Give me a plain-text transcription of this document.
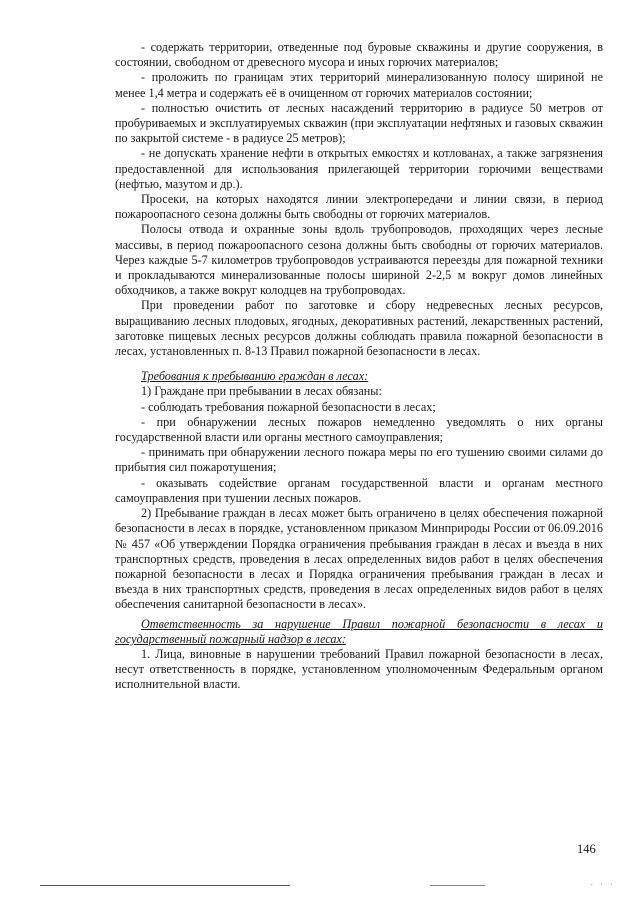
- содержать территории, отведенные под буровые скважины и другие сооружения, в состоянии, свободном от древесного мусора и иных горючих материалов;

- проложить по границам этих территорий минерализованную полосу шириной не менее 1,4 метра и содержать её в очищенном от горючих материалов состоянии;

- полностью очистить от лесных насаждений территорию в радиусе 50 метров от пробуриваемых и эксплуатируемых скважин (при эксплуатации нефтяных и газовых скважин по закрытой системе - в радиусе 25 метров);

- не допускать хранение нефти в открытых емкостях и котлованах, а также загрязнения предоставленной для использования прилегающей территории горючими веществами (нефтью, мазутом и др.).

Просеки, на которых находятся линии электропередачи и линии связи, в период пожароопасного сезона должны быть свободны от горючих материалов.

Полосы отвода и охранные зоны вдоль трубопроводов, проходящих через лесные массивы, в период пожароопасного сезона должны быть свободны от горючих материалов. Через каждые 5-7 километров трубопроводов устраиваются переезды для пожарной техники и прокладываются минерализованные полосы шириной 2-2,5 м вокруг домов линейных обходчиков, а также вокруг колодцев на трубопроводах.

При проведении работ по заготовке и сбору недревесных лесных ресурсов, выращиванию лесных плодовых, ягодных, декоративных растений, лекарственных растений, заготовке пищевых лесных ресурсов должны соблюдать правила пожарной безопасности в лесах, установленных п. 8-13 Правил пожарной безопасности в лесах.

Требования к пребыванию граждан в лесах:

1) Граждане при пребывании в лесах обязаны:

- соблюдать требования пожарной безопасности в лесах;

- при обнаружении лесных пожаров немедленно уведомлять о них органы государственной власти или органы местного самоуправления;

- принимать при обнаружении лесного пожара меры по его тушению своими силами до прибытия сил пожаротушения;

- оказывать содействие органам государственной власти и органам местного самоуправления при тушении лесных пожаров.

2) Пребывание граждан в лесах может быть ограничено в целях обеспечения пожарной безопасности в лесах в порядке, установленном приказом Минприроды России от 06.09.2016 № 457 «Об утверждении Порядка ограничения пребывания граждан в лесах и въезда в них транспортных средств, проведения в лесах определенных видов работ в целях обеспечения пожарной безопасности в лесах и Порядка ограничения пребывания граждан в лесах и въезда в них транспортных средств, проведения в лесах определенных видов работ в целях обеспечения санитарной безопасности в лесах».

Ответственность за нарушение Правил пожарной безопасности в лесах и государственный пожарный надзор в лесах:

1. Лица, виновные в нарушении требований Правил пожарной безопасности в лесах, несут ответственность в порядке, установленном уполномоченным Федеральным органом исполнительной власти.

146
· · ·
